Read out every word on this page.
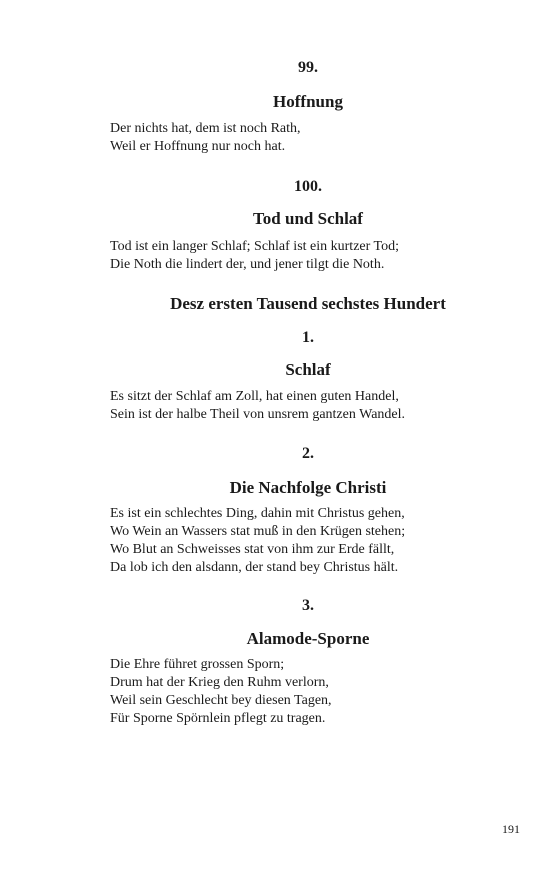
99.
Hoffnung
Der nichts hat, dem ist noch Rath,
Weil er Hoffnung nur noch hat.
100.
Tod und Schlaf
Tod ist ein langer Schlaf; Schlaf ist ein kurtzer Tod;
Die Noth die lindert der, und jener tilgt die Noth.
Desz ersten Tausend sechstes Hundert
1.
Schlaf
Es sitzt der Schlaf am Zoll, hat einen guten Handel,
Sein ist der halbe Theil von unsrem gantzen Wandel.
2.
Die Nachfolge Christi
Es ist ein schlechtes Ding, dahin mit Christus gehen,
Wo Wein an Wassers stat muß in den Krügen stehen;
Wo Blut an Schweisses stat von ihm zur Erde fällt,
Da lob ich den alsdann, der stand bey Christus hält.
3.
Alamode-Sporne
Die Ehre führet grossen Sporn;
Drum hat der Krieg den Ruhm verlorn,
Weil sein Geschlecht bey diesen Tagen,
Für Sporne Spörnlein pflegt zu tragen.
191
